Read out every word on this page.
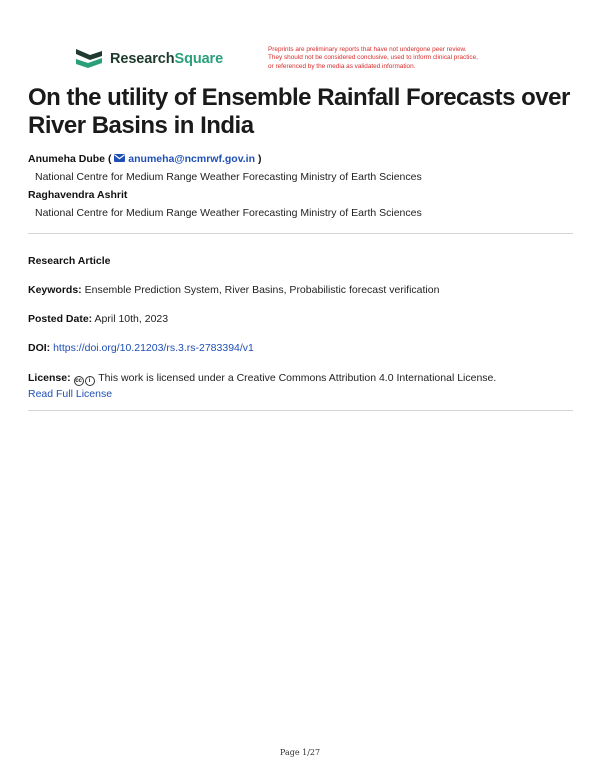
ResearchSquare
Preprints are preliminary reports that have not undergone peer review.
They should not be considered conclusive, used to inform clinical practice,
or referenced by the media as validated information.
On the utility of Ensemble Rainfall Forecasts over River Basins in India
Anumeha Dube (  anumeha@ncmrwf.gov.in )
National Centre for Medium Range Weather Forecasting Ministry of Earth Sciences
Raghavendra Ashrit
National Centre for Medium Range Weather Forecasting Ministry of Earth Sciences
Research Article
Keywords: Ensemble Prediction System, River Basins, Probabilistic forecast verification
Posted Date: April 10th, 2023
DOI: https://doi.org/10.21203/rs.3.rs-2783394/v1
License: cc i This work is licensed under a Creative Commons Attribution 4.0 International License.
Read Full License
Page 1/27
